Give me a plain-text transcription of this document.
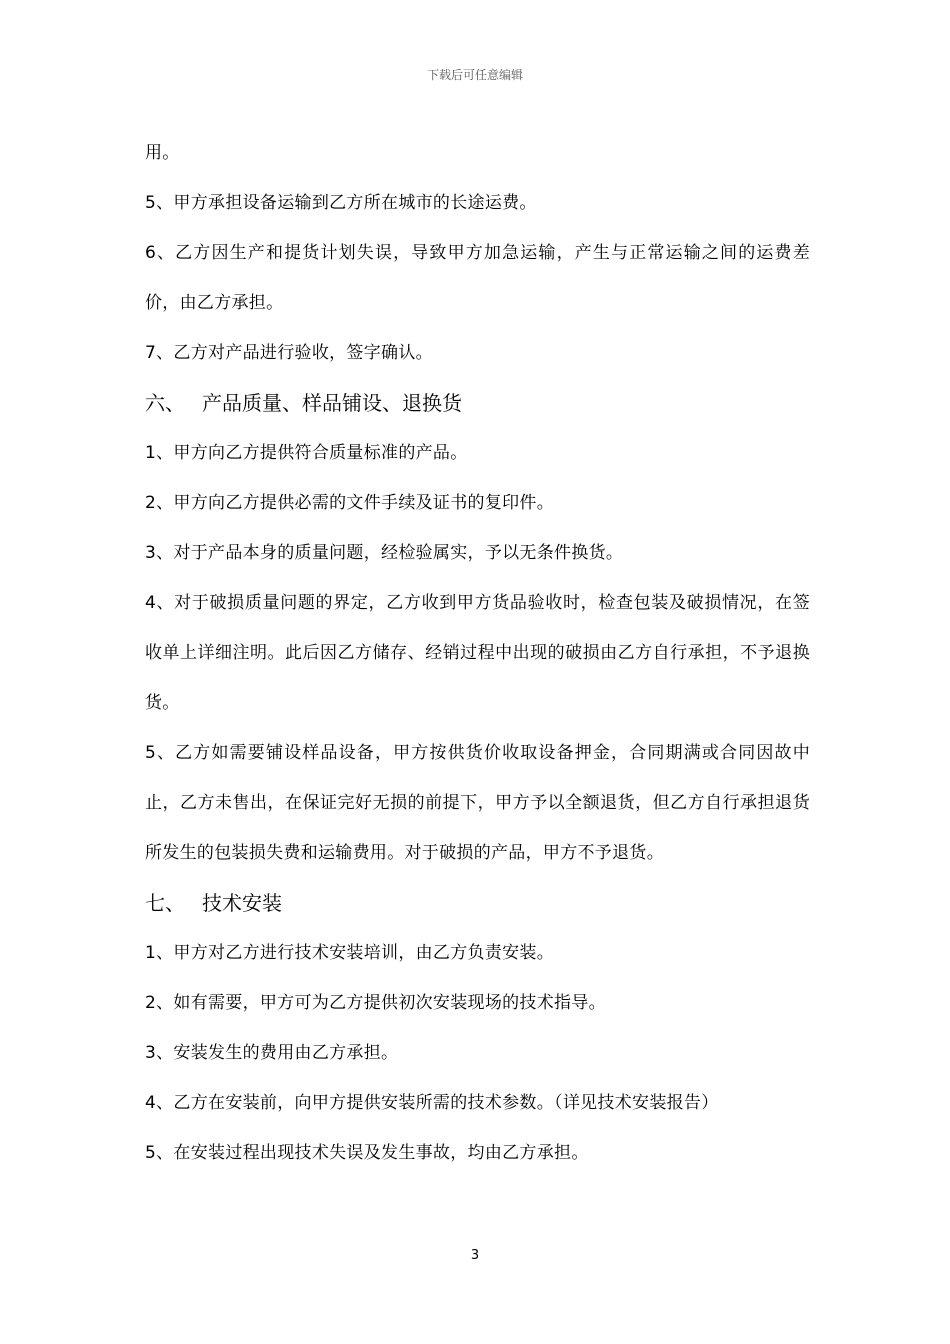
下载后可任意编辑
用。
5、甲方承担设备运输到乙方所在城市的长途运费。
6、乙方因生产和提货计划失误，导致甲方加急运输，产生与正常运输之间的运费差价，由乙方承担。
7、乙方对产品进行验收，签字确认。
六、 产品质量、样品铺设、退换货
1、甲方向乙方提供符合质量标准的产品。
2、甲方向乙方提供必需的文件手续及证书的复印件。
3、对于产品本身的质量问题，经检验属实，予以无条件换货。
4、对于破损质量问题的界定，乙方收到甲方货品验收时，检查包装及破损情况，在签收单上详细注明。此后因乙方储存、经销过程中出现的破损由乙方自行承担，不予退换货。
5、乙方如需要铺设样品设备，甲方按供货价收取设备押金，合同期满或合同因故中止，乙方未售出，在保证完好无损的前提下，甲方予以全额退货，但乙方自行承担退货所发生的包装损失费和运输费用。对于破损的产品，甲方不予退货。
七、 技术安装
1、甲方对乙方进行技术安装培训，由乙方负责安装。
2、如有需要，甲方可为乙方提供初次安装现场的技术指导。
3、安装发生的费用由乙方承担。
4、乙方在安装前，向甲方提供安装所需的技术参数。（详见技术安装报告）
5、在安装过程出现技术失误及发生事故，均由乙方承担。
3
